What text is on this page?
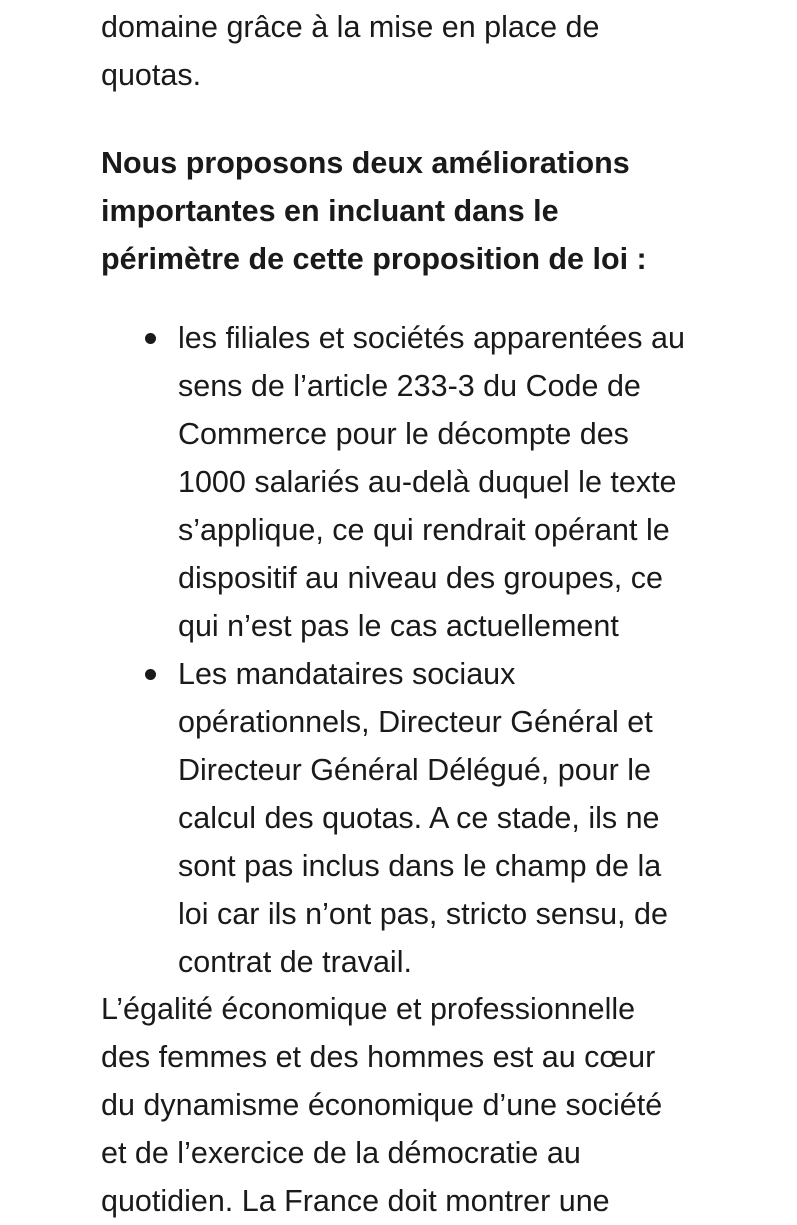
domaine grâce à la mise en place de
quotas.
Nous proposons deux améliorations
importantes en incluant dans le
périmètre de cette proposition de loi :
les filiales et sociétés apparentées au
sens de l’article 233-3 du Code de
Commerce pour le décompte des
1000 salariés au-delà duquel le texte
s’applique, ce qui rendrait opérant le
dispositif au niveau des groupes, ce
qui n’est pas le cas actuellement
Les mandataires sociaux
opérationnels, Directeur Général et
Directeur Général Délégué, pour le
calcul des quotas. A ce stade, ils ne
sont pas inclus dans le champ de la
loi car ils n’ont pas, stricto sensu, de
contrat de travail.
L’égalité économique et professionnelle
des femmes et des hommes est au cœur
du dynamisme économique d’une société
et de l’exercice de la démocratie au
quotidien. La France doit montrer une
